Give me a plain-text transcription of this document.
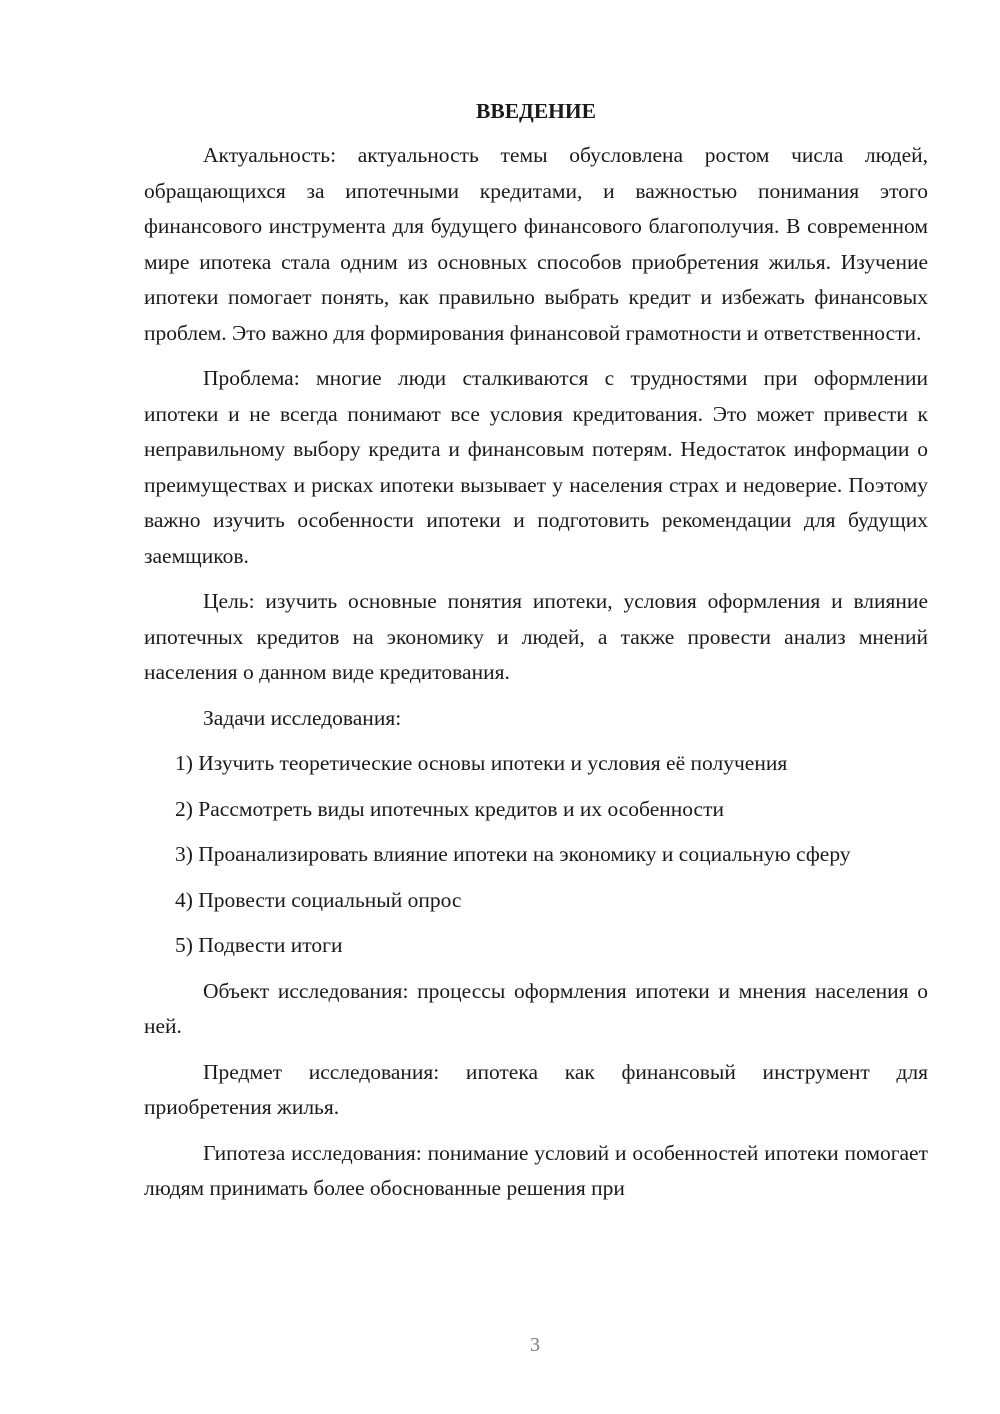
ВВЕДЕНИЕ

Актуальность: актуальность темы обусловлена ростом числа людей, обращающихся за ипотечными кредитами, и важностью понимания этого финансового инструмента для будущего финансового благополучия. В современном мире ипотека стала одним из основных способов приобретения жилья. Изучение ипотеки помогает понять, как правильно выбрать кредит и избежать финансовых проблем. Это важно для формирования финансовой грамотности и ответственности.

Проблема: многие люди сталкиваются с трудностями при оформлении ипотеки и не всегда понимают все условия кредитования. Это может привести к неправильному выбору кредита и финансовым потерям. Недостаток информации о преимуществах и рисках ипотеки вызывает у населения страх и недоверие. Поэтому важно изучить особенности ипотеки и подготовить рекомендации для будущих заемщиков.

Цель: изучить основные понятия ипотеки, условия оформления и влияние ипотечных кредитов на экономику и людей, а также провести анализ мнений населения о данном виде кредитования.

Задачи исследования:

1) Изучить теоретические основы ипотеки и условия её получения

2) Рассмотреть виды ипотечных кредитов и их особенности

3) Проанализировать влияние ипотеки на экономику и социальную сферу

4) Провести социальный опрос

5) Подвести итоги

Объект исследования: процессы оформления ипотеки и мнения населения о ней.

Предмет исследования: ипотека как финансовый инструмент для приобретения жилья.

Гипотеза исследования: понимание условий и особенностей ипотеки помогает людям принимать более обоснованные решения при

3
